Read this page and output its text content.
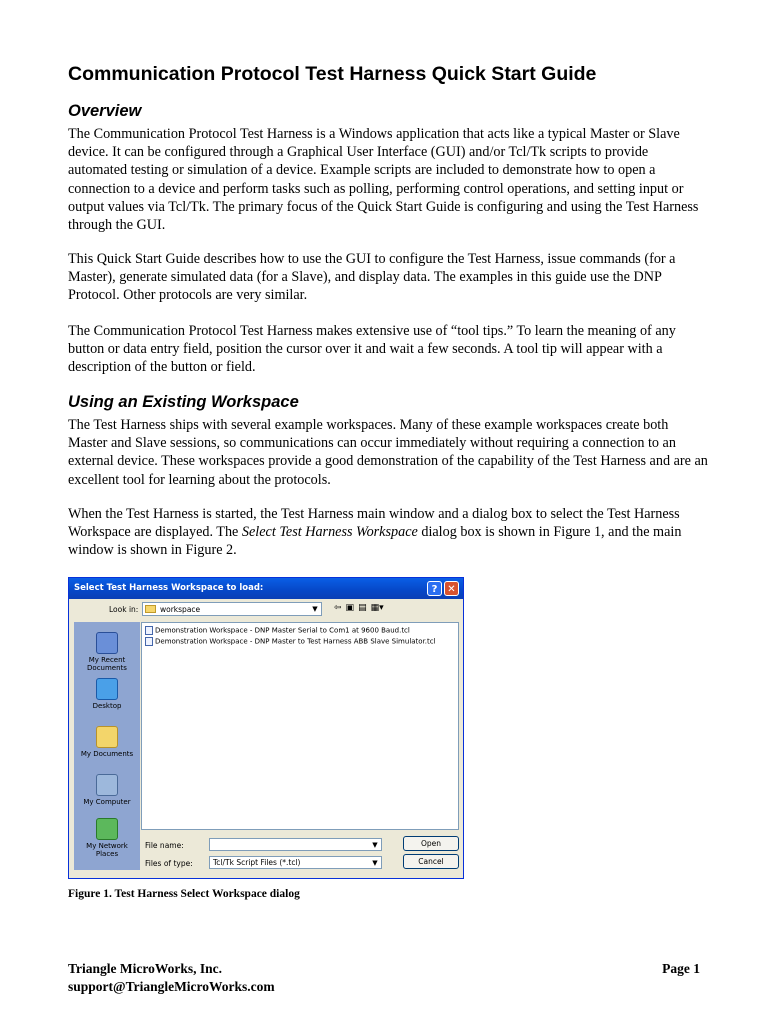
Communication Protocol Test Harness Quick Start Guide
Overview

The Communication Protocol Test Harness is a Windows application that acts like a typical Master or Slave device. It can be configured through a Graphical User Interface (GUI) and/or Tcl/Tk scripts to provide automated testing or simulation of a device. Example scripts are included to demonstrate how to open a connection to a device and perform tasks such as polling, performing control operations, and setting input or output values via Tcl/Tk. The primary focus of the Quick Start Guide is configuring and using the Test Harness through the GUI.

This Quick Start Guide describes how to use the GUI to configure the Test Harness, issue commands (for a Master), generate simulated data (for a Slave), and display data. The examples in this guide use the DNP Protocol. Other protocols are very similar.

The Communication Protocol Test Harness makes extensive use of “tool tips.” To learn the meaning of any button or data entry field, position the cursor over it and wait a few seconds. A tool tip will appear with a description of the button or field.

Using an Existing Workspace

The Test Harness ships with several example workspaces. Many of these example workspaces create both Master and Slave sessions, so communications can occur immediately without requiring a connection to an external device. These workspaces provide a good demonstration of the capability of the Test Harness and are an excellent tool for learning about the protocols.

When the Test Harness is started, the Test Harness main window and a dialog box to select the Test Harness Workspace are displayed. The Select Test Harness Workspace dialog box is shown in Figure 1, and the main window is shown in Figure 2.

Figure 1. Test Harness Select Workspace dialog
Select Test Harness Workspace to load:	? ✕
Look in:	workspace	▼	⇦ ▣ ▤ ▦▾
My Recent Documents
Desktop
My Documents
My Computer
My Network Places
Demonstration Workspace - DNP Master Serial to Com1 at 9600 Baud.tcl
Demonstration Workspace - DNP Master to Test Harness ABB Slave Simulator.tcl
File name:	▼
Files of type:	Tcl/Tk Script Files (*.tcl)	▼
Open
Cancel
Triangle MicroWorks, Inc.
support@TriangleMicroWorks.com
Page 1
